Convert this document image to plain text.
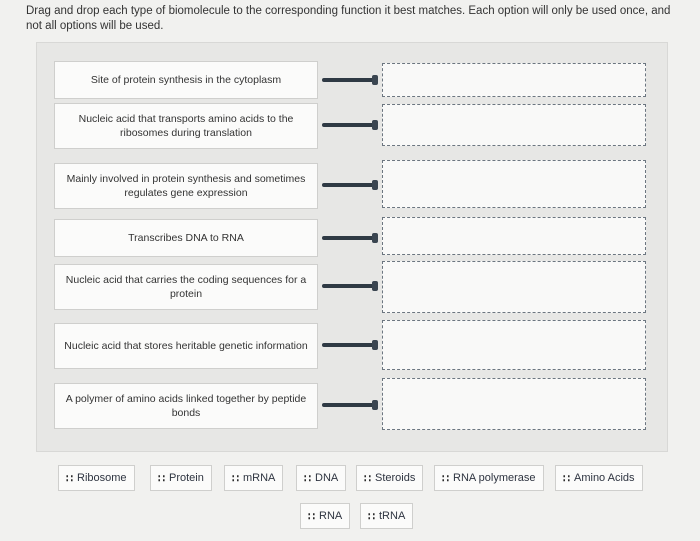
Drag and drop each type of biomolecule to the corresponding function it best matches. Each option will only be used once, and not all options will be used.
Site of protein synthesis in the cytoplasm
Nucleic acid that transports amino acids to the ribosomes during translation
Mainly involved in protein synthesis and sometimes regulates gene expression
Transcribes DNA to RNA
Nucleic acid that carries the coding sequences for a protein
Nucleic acid that stores heritable genetic information
A polymer of amino acids linked together by peptide bonds
∷ Ribosome	∷ Protein	∷ mRNA	∷ DNA ∷ Steroids ∷ RNA polymerase ∷ Amino Acids
∷ RNA ∷ tRNA
